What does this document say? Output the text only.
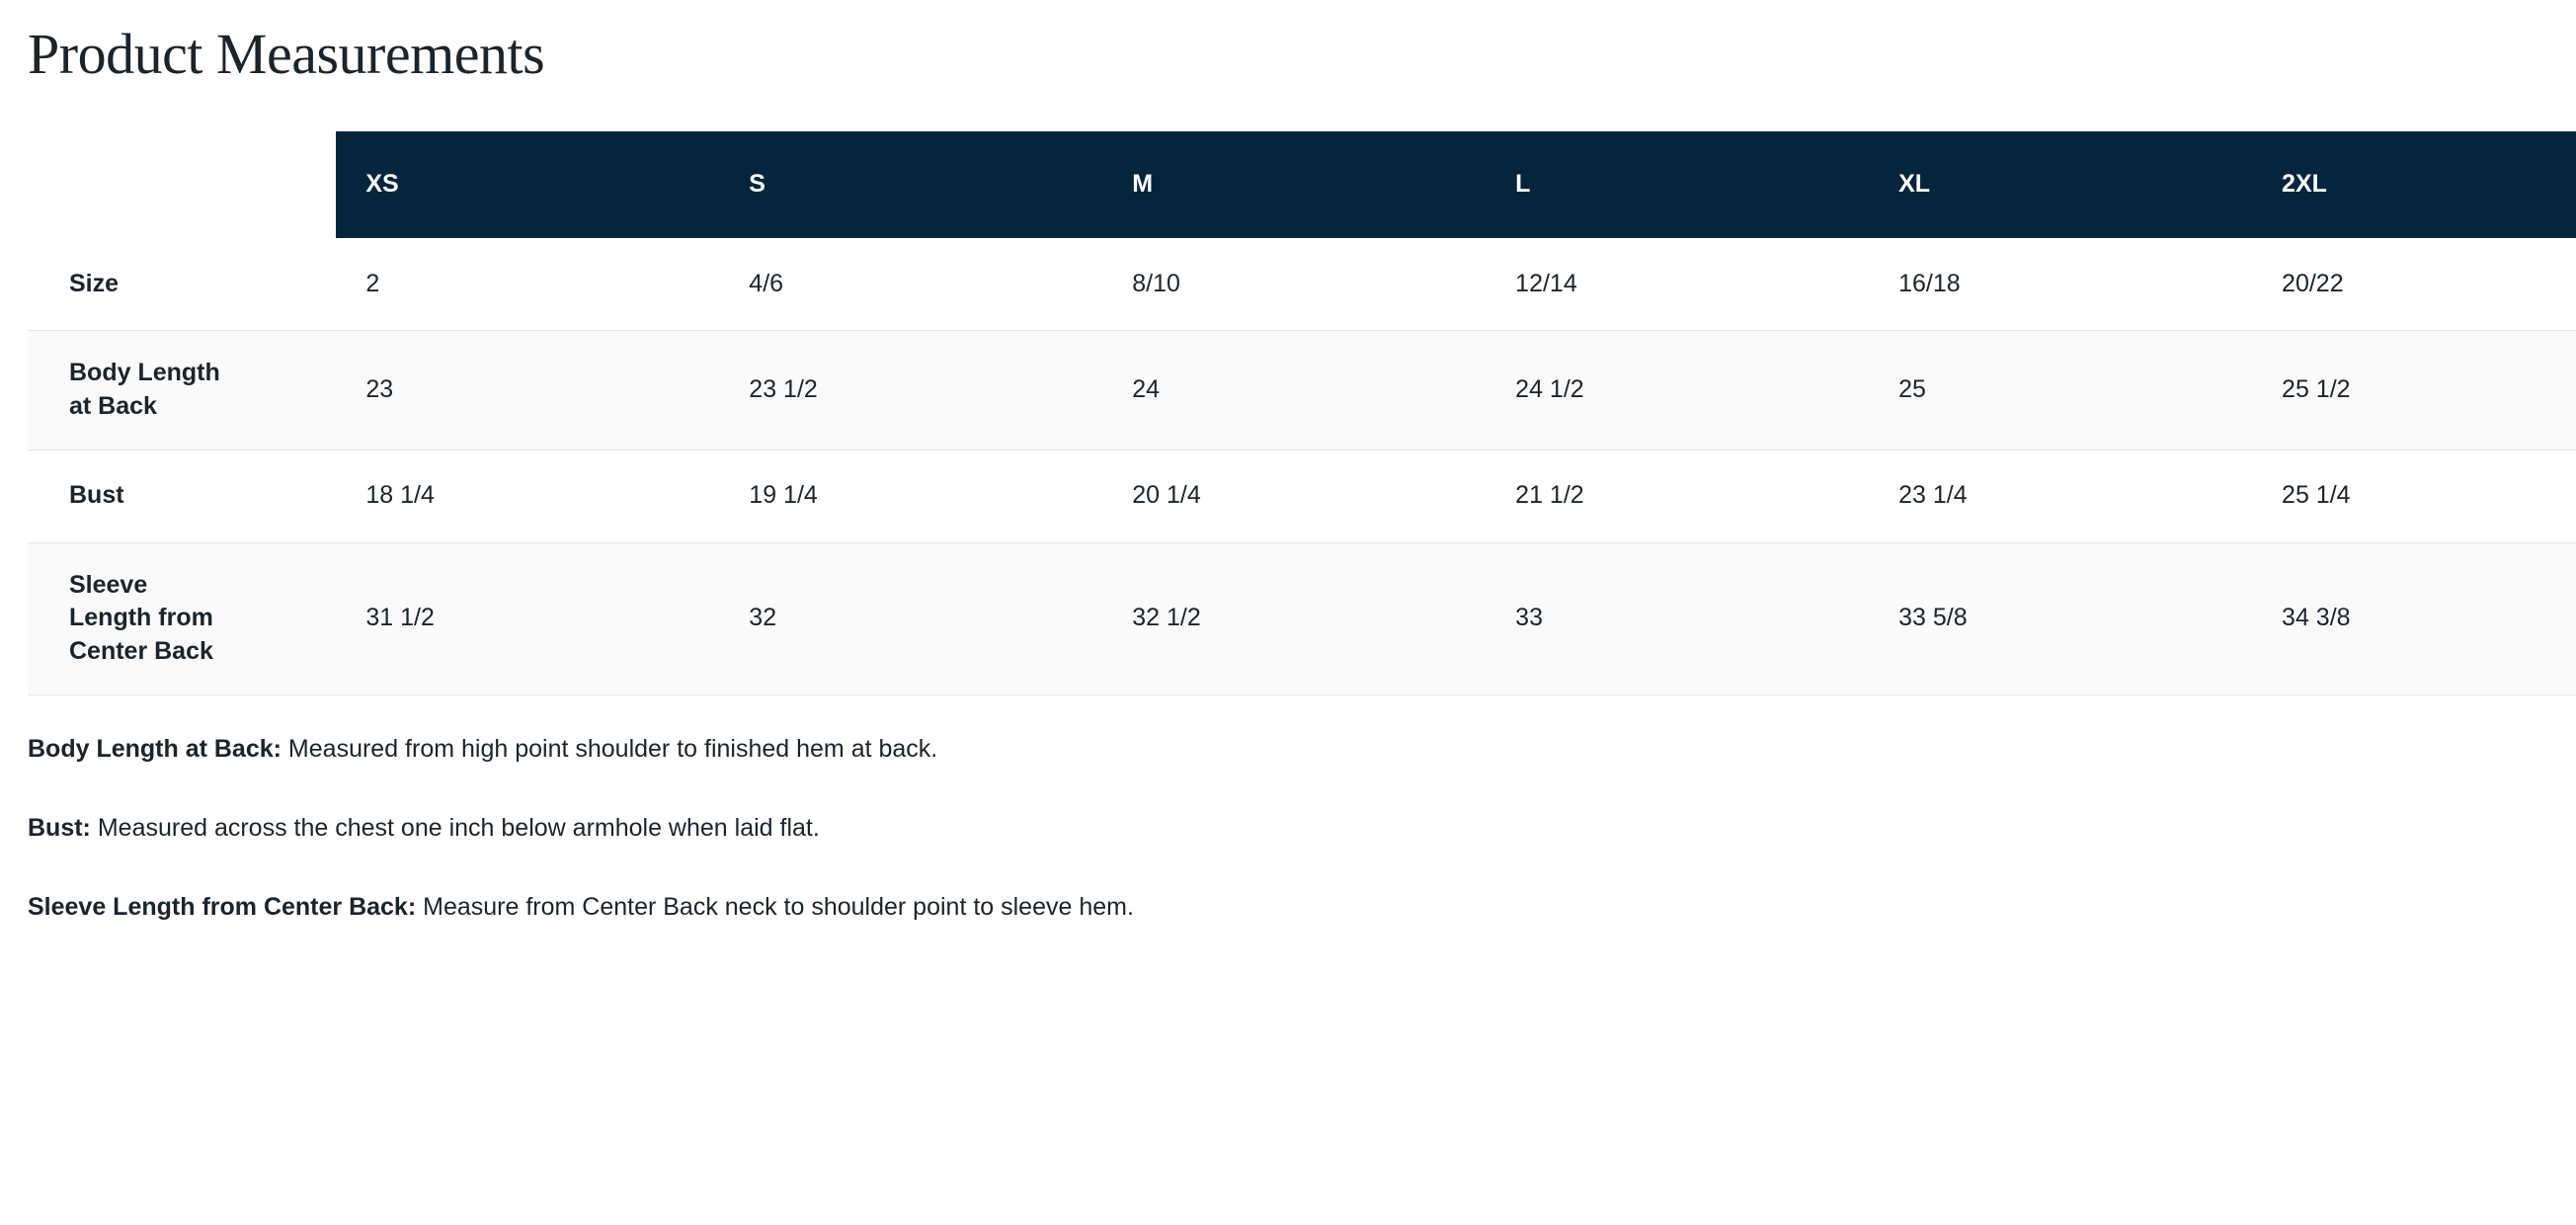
Product Measurements
	XS	S	M	L	XL	2XL
Size	2	4/6	8/10	12/14	16/18	20/22

Body Length at Back	23	23 1/2	24	24 1/2	25	25 1/2
Bust	18 1/4	19 1/4	20 1/4	21 1/2	23 1/4	25 1/4

Sleeve Length from Center Back	31 1/2	32	32 1/2	33	33 5/8	34 3/8

Body Length at Back: Measured from high point shoulder to finished hem at back.

Bust: Measured across the chest one inch below armhole when laid flat.

Sleeve Length from Center Back: Measure from Center Back neck to shoulder point to sleeve hem.
